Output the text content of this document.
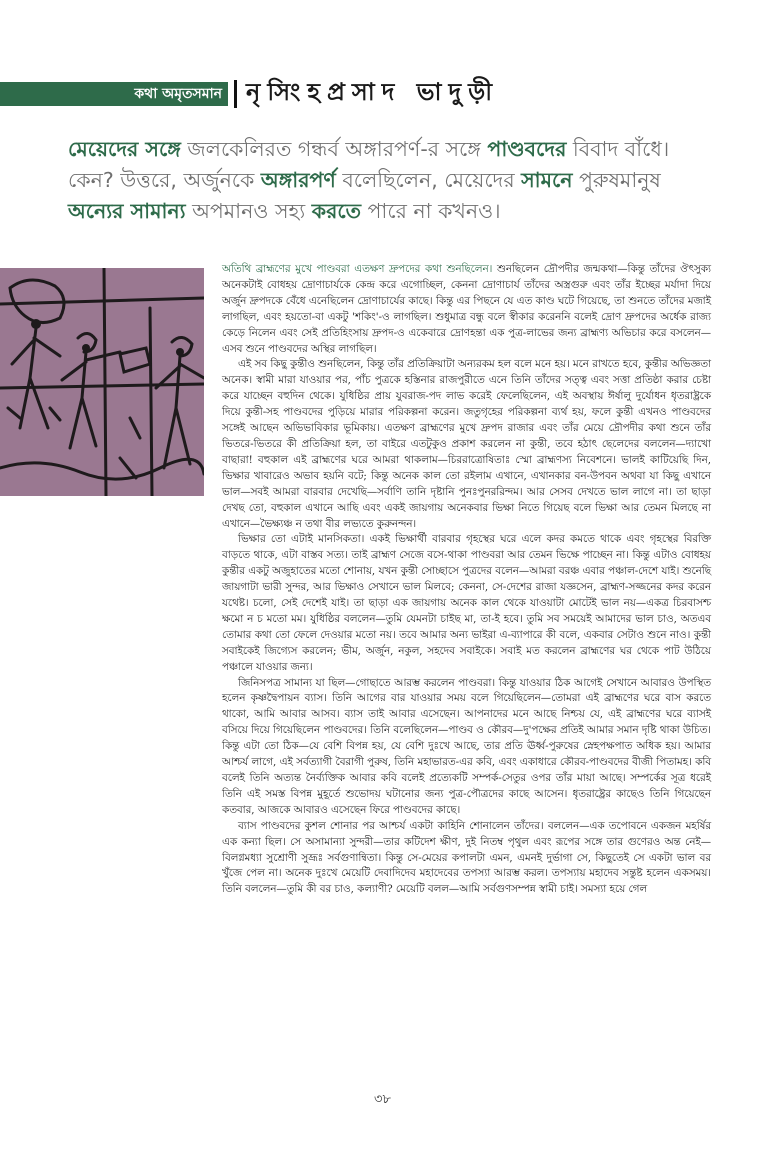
কথা অমৃতসমান নৃসিংহপ্রসাদ ভাদুড়ী
মেয়েদের সঙ্গে জলকেলিরত গন্ধর্ব অঙ্গারপর্ণ-র সঙ্গে পাণ্ডবদের বিবাদ বাঁধে। কেন? উত্তরে, অর্জুনকে অঙ্গারপর্ণ বলেছিলেন, মেয়েদের সামনে পুরুষমানুষ অন্যের সামান্য অপমানও সহ্য করতে পারে না কখনও।

অতিথি ব্রাহ্মণের মুখে পাণ্ডবরা এতক্ষণ দ্রুপদের কথা শুনছিলেন। শুনছিলেন দ্রৌপদীর জন্মকথা—কিন্তু তাঁদের ঔৎসুক্য অনেকটাই বোধহয় দ্রোণাচার্যকে কেন্দ্র করে এগোচ্ছিল, কেননা দ্রোণাচার্য তাঁদের অস্ত্রগুরু এবং তাঁর ইচ্ছের মর্যাদা দিয়ে অর্জুন দ্রুপদকে বেঁধে এনেছিলেন দ্রোণাচার্যের কাছে। কিন্তু এর পিছনে যে এত কাণ্ড ঘটে গিয়েছে, তা শুনতে তাঁদের মজাই লাগছিল, এবং হয়তো-বা একটু 'শকিং'-ও লাগছিল। শুধুমাত্র বন্ধু বলে স্বীকার করেননি বলেই দ্রোণ দ্রুপদের অর্ধেক রাজ্য কেড়ে নিলেন এবং সেই প্রতিহিংসায় দ্রুপদ-ও একেবারে দ্রোণহন্তা এক পুত্র-লাভের জন্য ব্রাহ্মণ্য অভিচার করে বসলেন—এসব শুনে পাণ্ডবদের অস্থির লাগছিল।

এই সব কিছু কুন্তীও শুনছিলেন, কিন্তু তাঁর প্রতিক্রিয়াটা অন্যরকম হল বলে মনে হয়। মনে রাখতে হবে, কুন্তীর অভিজ্ঞতা অনেক। স্বামী মারা যাওয়ার পর, পাঁচ পুত্রকে হস্তিনার রাজপুরীতে এনে তিনি তাঁদের সত্ত্ব এবং সত্তা প্রতিষ্ঠা করার চেষ্টা করে যাচ্ছেন বহুদিন থেকে। যুধিষ্ঠির প্রায় যুবরাজ-পদ লাভ করেই ফেলেছিলেন, এই অবস্থায় ঈর্ষালু দুর্যোধন ধৃতরাষ্ট্রকে দিয়ে কুন্তী-সহ পাণ্ডবদের পুড়িয়ে মারার পরিকল্পনা করেন। জতুগৃহের পরিকল্পনা ব্যর্থ হয়, ফলে কুন্তী এখনও পাণ্ডবদের সঙ্গেই আছেন অভিভাবিকার ভূমিকায়। এতক্ষণ ব্রাহ্মণের মুখে দ্রুপদ রাজার এবং তাঁর মেয়ে দ্রৌপদীর কথা শুনে তাঁর ভিতরে-ভিতরে কী প্রতিক্রিয়া হল, তা বাইরে এতটুকুও প্রকাশ করলেন না কুন্তী, তবে হঠাৎ ছেলেদের বললেন—দ্যাখো বাছারা! বহুকাল এই ব্রাহ্মণের ঘরে আমরা থাকলাম—চিররাত্রোষিতাঃ স্মো ব্রাহ্মণস্য নিবেশনে। ভালই কাটিয়েছি দিন, ভিক্ষার খাবারেও অভাব হয়নি বটে; কিন্তু অনেক কাল তো রইলাম এখানে, এখানকার বন-উপবন অথবা যা কিছু এখানে ভাল—সবই আমরা বারবার দেখেছি—সর্বাণি তানি দৃষ্টানি পুনঃপুনররিন্দম। আর সেসব দেখতে ভাল লাগে না। তা ছাড়া দেখছ তো, বহুকাল এখানে আছি এবং একই জায়গায় অনেকবার ভিক্ষা নিতে গিয়েছ বলে ভিক্ষা আর তেমন মিলছে না এখানে—ভৈক্ষ্যঞ্চ ন তথা বীর লভ্যতে কুরুনন্দন।

ভিক্ষার তো এটাই মানসিকতা। একই ভিক্ষার্থী বারবার গৃহস্থের ঘরে এলে কদর কমতে থাকে এবং গৃহস্থের বিরক্তি বাড়তে থাকে, এটা বাস্তব সত্য। তাই ব্রাহ্মণ সেজে বসে-থাকা পাণ্ডবরা আর তেমন ভিক্ষে পাচ্ছেন না। কিন্তু এটাও বোধহয় কুন্তীর একটু অজুহাতের মতো শোনায়, যখন কুন্তী সোচ্ছাসে পুত্রদের বলেন—আমরা বরঞ্চ এবার পঞ্চাল-দেশে যাই। শুনেছি জায়গাটা ভারী সুন্দর, আর ভিক্ষাও সেখানে ভাল মিলবে; কেননা, সে-দেশের রাজা যজ্ঞসেন, ব্রাহ্মণ-সজ্জনের কদর করেন যথেষ্ট। চলো, সেই দেশেই যাই। তা ছাড়া এক জায়গায় অনেক কাল থেকে যাওয়াটা মোটেই ভাল নয়—একত্র চিরবাসশ্চ ক্ষমো ন চ মতো মম। যুধিষ্ঠির বললেন—তুমি যেমনটা চাইছ মা, তা-ই হবে। তুমি সব সময়েই আমাদের ভাল চাও, অতএব তোমার কথা তো ফেলে দেওয়ার মতো নয়। তবে আমার অন্য ভাইরা এ-ব্যাপারে কী বলে, একবার সেটাও শুনে নাও। কুন্তী সবাইকেই জিগ্যেস করলেন; ভীম, অর্জুন, নকুল, সহদেব সবাইকে। সবাই মত করলেন ব্রাহ্মণের ঘর থেকে পাট উঠিয়ে পঞ্চালে যাওয়ার জন্য।

জিনিসপত্র সামান্য যা ছিল—গোছাতে আরম্ভ করলেন পাণ্ডবরা। কিন্তু যাওয়ার ঠিক আগেই সেখানে আবারও উপস্থিত হলেন কৃষ্ণদ্বৈপায়ন ব্যাস। তিনি আগের বার যাওয়ার সময় বলে গিয়েছিলেন—তোমরা এই ব্রাহ্মণের ঘরে বাস করতে থাকো, আমি আবার আসব। ব্যাস তাই আবার এসেছেন। আপনাদের মনে আছে নিশ্চয় যে, এই ব্রাহ্মণের ঘরে ব্যাসই বসিয়ে দিয়ে গিয়েছিলেন পাণ্ডবদের। তিনি বলেছিলেন—পাণ্ডব ও কৌরব—দু'পক্ষের প্রতিই আমার সমান দৃষ্টি থাকা উচিত। কিন্তু এটা তো ঠিক—যে বেশি বিপন্ন হয়, যে বেশি দুঃখে আছে, তার প্রতি ঊর্ধ্ব-পুরুষের স্নেহপক্ষপাত অধিক হয়। আমার আশ্চর্য লাগে, এই সর্বত্যাগী বৈরাগী পুরুষ, তিনি মহাভারত-এর কবি, এবং একাধারে কৌরব-পাণ্ডবদের বীজী পিতামহ। কবি বলেই তিনি অত্যন্ত নৈর্ব্যক্তিক আবার কবি বলেই প্রত্যেকটি সম্পর্ক-সেতুর ওপর তাঁর মায়া আছে। সম্পর্কের সূত্র ধরেই তিনি এই সমস্ত বিপন্ন মুহূর্তে শুভোদয় ঘটানোর জন্য পুত্র-পৌত্রদের কাছে আসেন। ধৃতরাষ্ট্রের কাছেও তিনি গিয়েছেন কতবার, আজকে আবারও এসেছেন ফিরে পাণ্ডবদের কাছে।

ব্যাস পাণ্ডবদের কুশল শোনার পর আশ্চর্য একটা কাহিনি শোনালেন তাঁদের। বললেন—এক তপোবনে একজন মহর্ষির এক কন্যা ছিল। সে অসামান্যা সুন্দরী—তার কটিদেশ ক্ষীণ, দুই নিতম্ব পৃথুল এবং রূপের সঙ্গে তার গুণেরও অন্ত নেই—বিলগ্নমধ্যা সুশ্রোণী সুভ্রূঃ সর্বগুণান্বিতা। কিন্তু সে-মেয়ের কপালটা এমন, এমনই দুর্ভাগা সে, কিছুতেই সে একটা ভাল বর খুঁজে পেল না। অনেক দুঃখে মেয়েটি দেবাদিদেব মহাদেবের তপস্যা আরম্ভ করল। তপস্যায় মহাদেব সন্তুষ্ট হলেন একসময়। তিনি বললেন—তুমি কী বর চাও, কল্যাণী? মেয়েটি বলল—আমি সর্বগুণসম্পন্ন স্বামী চাই। সমস্যা হয়ে গেল

৩৮
